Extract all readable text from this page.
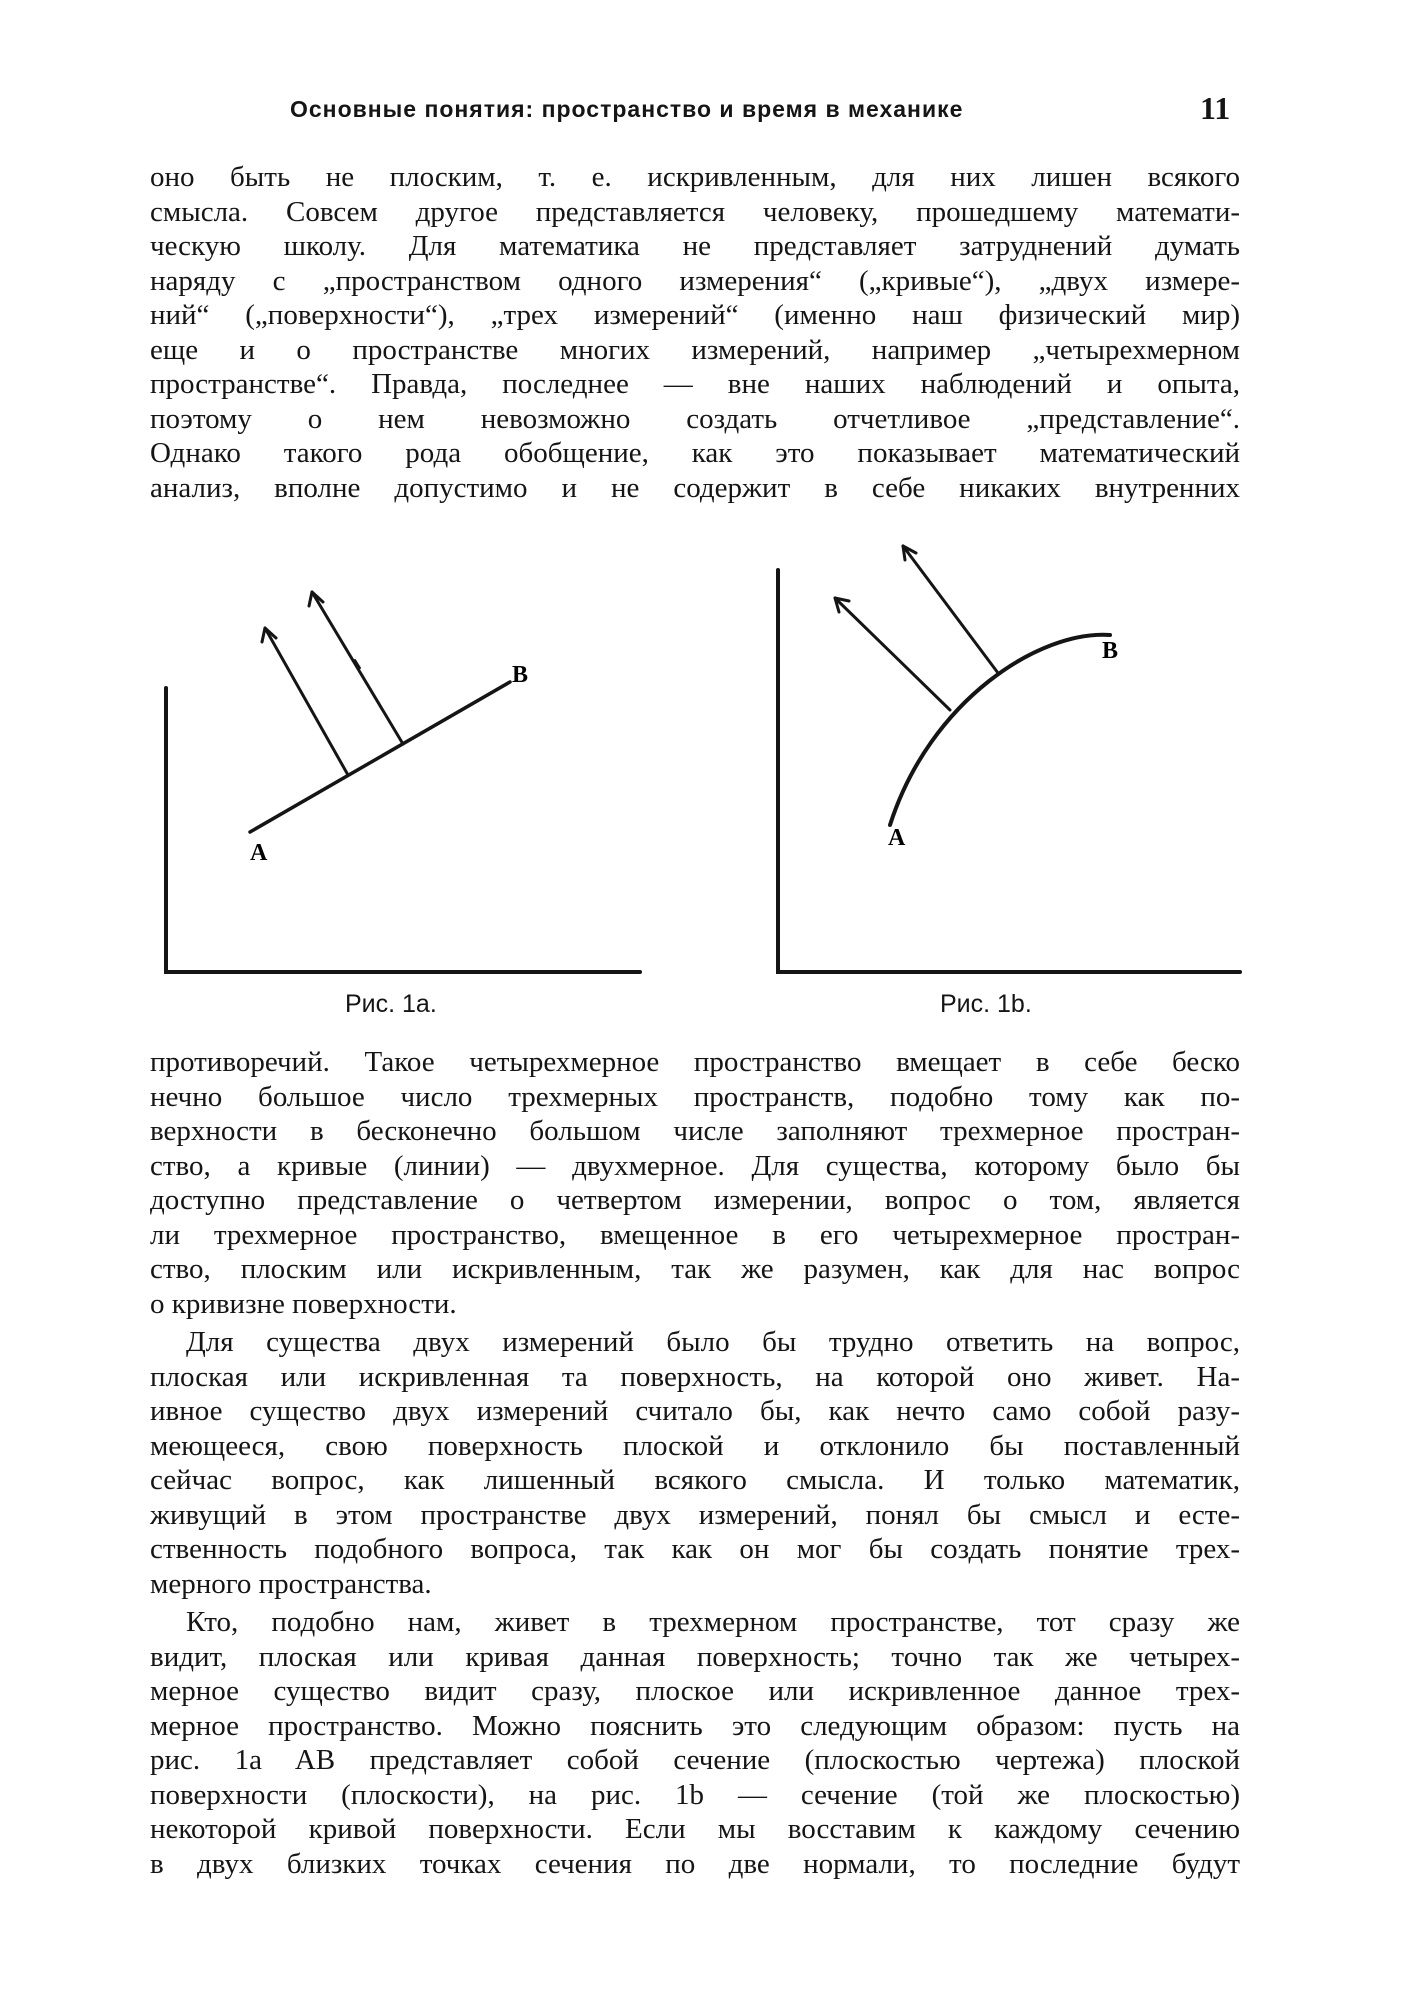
Основные понятия: пространство и время в механике	11
оно быть не плоским, т. е. искривленным, для них лишен всякого
смысла. Совсем другое представляется человеку, прошедшему математи-
ческую школу. Для математика не представляет затруднений думать
наряду с „пространством одного измерения“ („кривые“), „двух измере-
ний“ („поверхности“), „трех измерений“ (именно наш физический мир)
еще и о пространстве многих измерений, например „четырехмерном
пространстве“. Правда, последнее — вне наших наблюдений и опыта,
поэтому о нем невозможно создать отчетливое „представление“.
Однако такого рода обобщение, как это показывает математический
анализ, вполне допустимо и не содержит в себе никаких внутренних
A
B
Рис. 1a.
A
B
Рис. 1b.
противоречий. Такое четырехмерное пространство вмещает в себе беско
нечно большое число трехмерных пространств, подобно тому как по-
верхности в бесконечно большом числе заполняют трехмерное простран-
ство, а кривые (линии) — двухмерное. Для существа, которому было бы
доступно представление о четвертом измерении, вопрос о том, является
ли трехмерное пространство, вмещенное в его четырехмерное простран-
ство, плоским или искривленным, так же разумен, как для нас вопрос
о кривизне поверхности.
Для существа двух измерений было бы трудно ответить на вопрос,
плоская или искривленная та поверхность, на которой оно живет. На-
ивное существо двух измерений считало бы, как нечто само собой разу-
меющееся, свою поверхность плоской и отклонило бы поставленный
сейчас вопрос, как лишенный всякого смысла. И только математик,
живущий в этом пространстве двух измерений, понял бы смысл и есте-
ственность подобного вопроса, так как он мог бы создать понятие трех-
мерного пространства.
Кто, подобно нам, живет в трехмерном пространстве, тот сразу же
видит, плоская или кривая данная поверхность; точно так же четырех-
мерное существо видит сразу, плоское или искривленное данное трех-
мерное пространство. Можно пояснить это следующим образом: пусть на
рис. 1a AB представляет собой сечение (плоскостью чертежа) плоской
поверхности (плоскости), на рис. 1b — сечение (той же плоскостью)
некоторой кривой поверхности. Если мы восставим к каждому сечению
в двух близких точках сечения по две нормали, то последние будут
